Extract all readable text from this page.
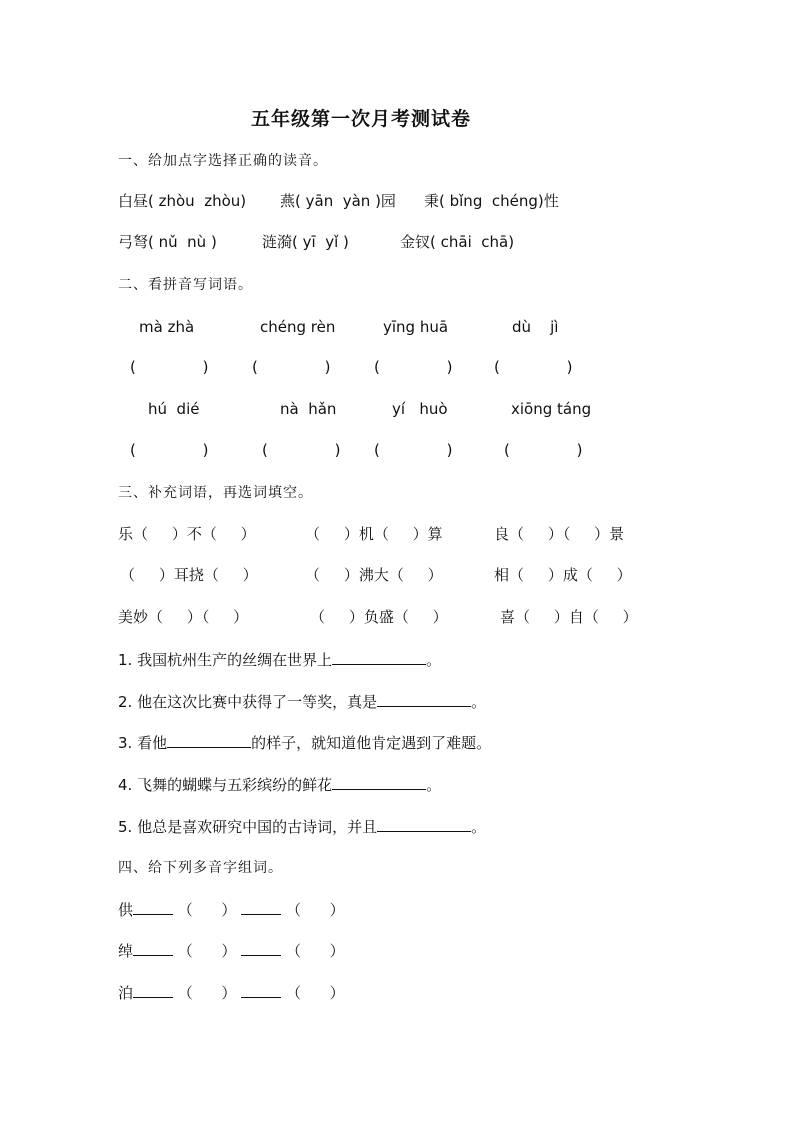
五年级第一次月考测试卷
一、给加点字选择正确的读音。
白昼( zhòu  zhòu) 燕( yān  yàn )园 秉( bǐng  chéng)性
弓弩( nǔ  nù )	涟漪( yī  yǐ )	金钗( chāi  chā)
二、看拼音写词语。
mà zhà	chéng rèn	yīng huā	dù    jì
(              )	(              )	(              )	(              )
hú  dié	nà  hǎn	yí   huò	xiōng táng
(              )	(              ) (              )	(              )
三、补充词语，再选词填空。
乐（     ）不（     ）	（     ）机（     ）算	良（     ）（     ）景
（     ）耳挠（     ）	（     ）沸大（     ）	相（     ）成（     ）
美妙（     ）（     ）	（     ）负盛（     ）	喜（     ）自（     ）
1. 我国杭州生产的丝绸在世界上	。
2. 他在这次比赛中获得了一等奖，真是	。
3. 看他	的样子，就知道他肯定遇到了难题。
4. 飞舞的蝴蝶与五彩缤纷的鲜花	。
5. 他总是喜欢研究中国的古诗词，并且	。
四、给下列多音字组词。
供	（      ）	（      ）
绰	（      ）	（      ）
泊	（      ）	（      ）
